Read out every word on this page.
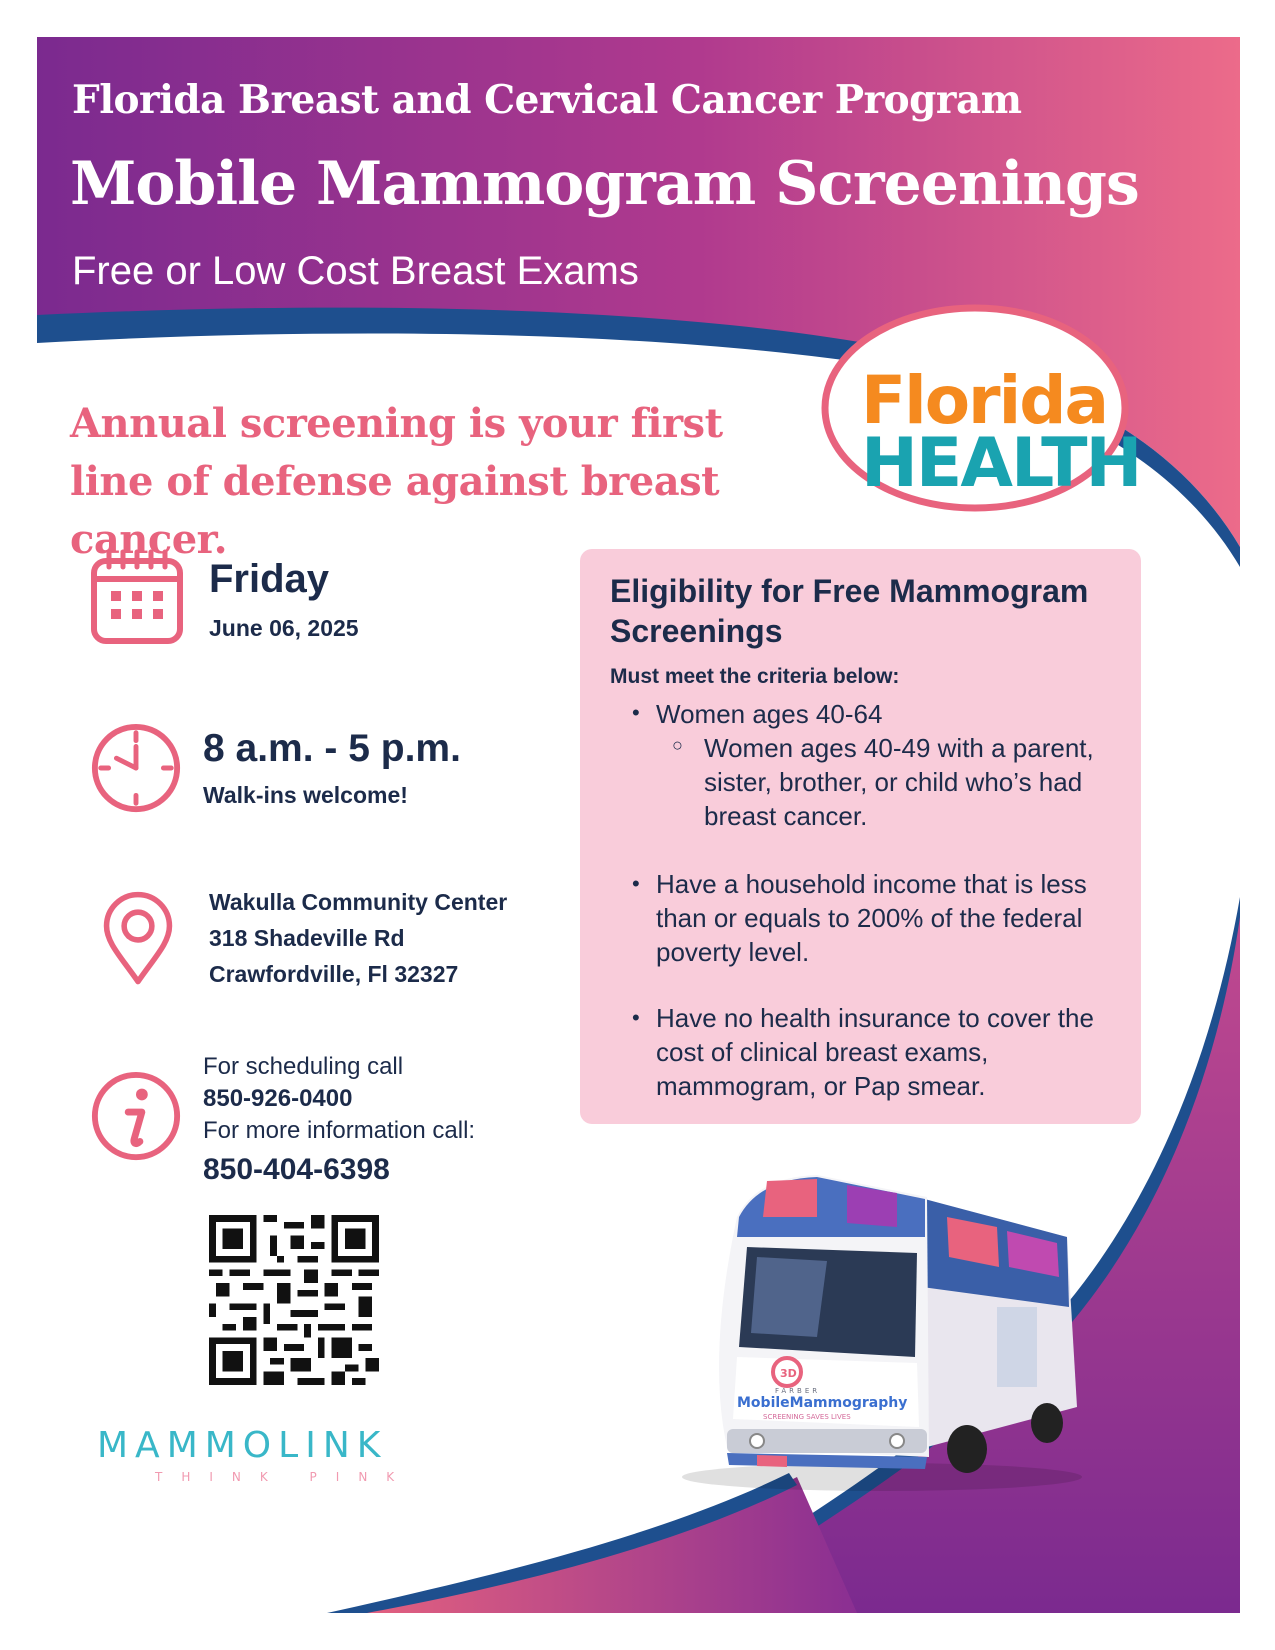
Florida Breast and Cervical Cancer Program
Mobile Mammogram Screenings
Free or Low Cost Breast Exams
Florida
HEALTH
Annual screening is your first line of defense against breast cancer.
Friday
June 06, 2025
8 a.m. - 5 p.m.
Walk-ins welcome!
Wakulla Community Center
318 Shadeville Rd
Crawfordville, Fl 32327
For scheduling call
850-926-0400
For more information call:
850-404-6398
MAMMOLINK
THINK PINK
Eligibility for Free Mammogram Screenings
Must meet the criteria below:
• Women ages 40-64
○ Women ages 40-49 with a parent, sister, brother, or child who’s had breast cancer.
• Have a household income that is less than or equals to 200% of the federal poverty level.
• Have no health insurance to cover the cost of clinical breast exams, mammogram, or Pap smear.
3D
FARBER
MobileMammography
SCREENING SAVES LIVES
